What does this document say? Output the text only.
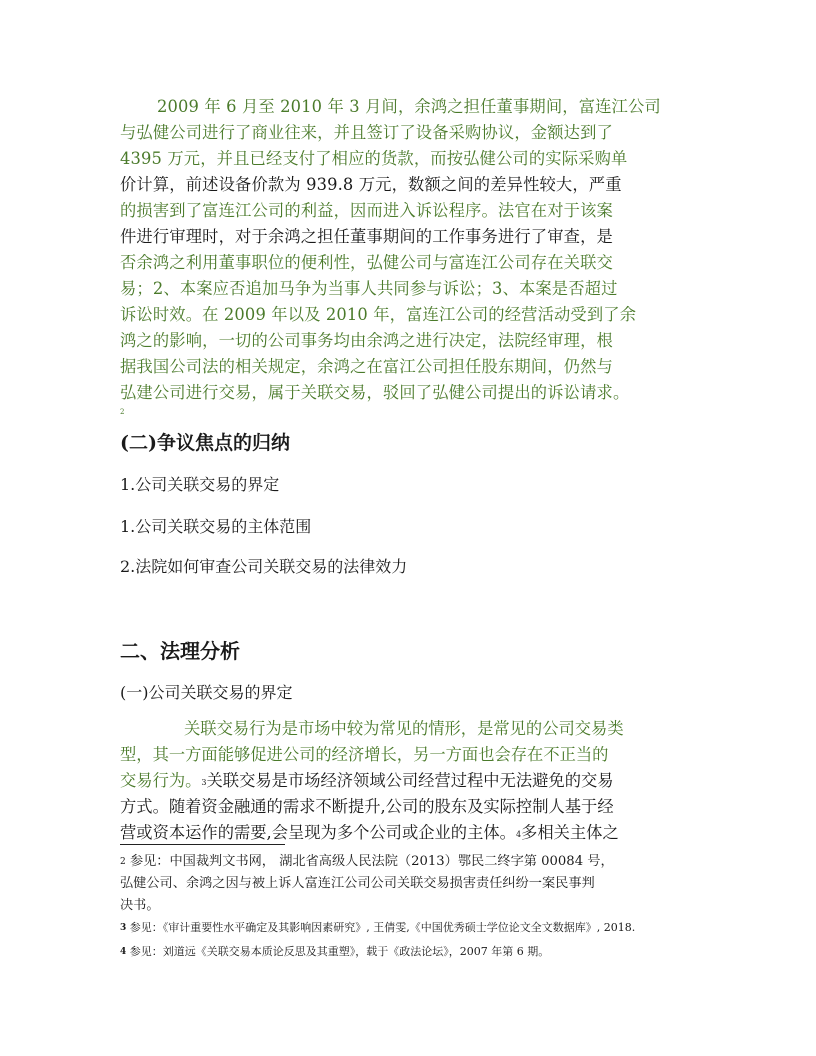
2009 年 6 月至 2010 年 3 月间，余鸿之担任董事期间，富连江公司
与弘健公司进行了商业往来，并且签订了设备采购协议，金额达到了
4395 万元，并且已经支付了相应的货款，而按弘健公司的实际采购单
价计算，前述设备价款为 939.8 万元，数额之间的差异性较大，严重
的损害到了富连江公司的利益，因而进入诉讼程序。法官在对于该案
件进行审理时，对于余鸿之担任董事期间的工作事务进行了审查，是
否余鸿之利用董事职位的便利性，弘健公司与富连江公司存在关联交
易；2、本案应否追加马争为当事人共同参与诉讼；3、本案是否超过
诉讼时效。在 2009 年以及 2010 年，富连江公司的经营活动受到了余
鸿之的影响，一切的公司事务均由余鸿之进行决定，法院经审理，根
据我国公司法的相关规定，余鸿之在富江公司担任股东期间，仍然与
弘建公司进行交易，属于关联交易，驳回了弘健公司提出的诉讼请求。
2
(二)争议焦点的归纳
1.公司关联交易的界定
1.公司关联交易的主体范围
2.法院如何审查公司关联交易的法律效力
二、法理分析
(一)公司关联交易的界定
关联交易行为是市场中较为常见的情形，是常见的公司交易类
型，其一方面能够促进公司的经济增长，另一方面也会存在不正当的
交易行为。$^3$关联交易是市场经济领域公司经营过程中无法避免的交易
方式。随着资金融通的需求不断提升,公司的股东及实际控制人基于经
营或资本运作的需要,会呈现为多个公司或企业的主体。$^4$多相关主体之
$^2$ 参见：中国裁判文书网， 湖北省高级人民法院（2013）鄂民二终字第 00084 号，
弘健公司、余鸿之因与被上诉人富连江公司公司关联交易损害责任纠纷一案民事判
决书。
$^3$ 参见：《审计重要性水平确定及其影响因素研究》, 王倩雯,《中国优秀硕士学位论文全文数据库》, 2018.
$^4$ 参见：刘道远《关联交易本质论反思及其重塑》，载于《政法论坛》，2007 年第 6 期。
